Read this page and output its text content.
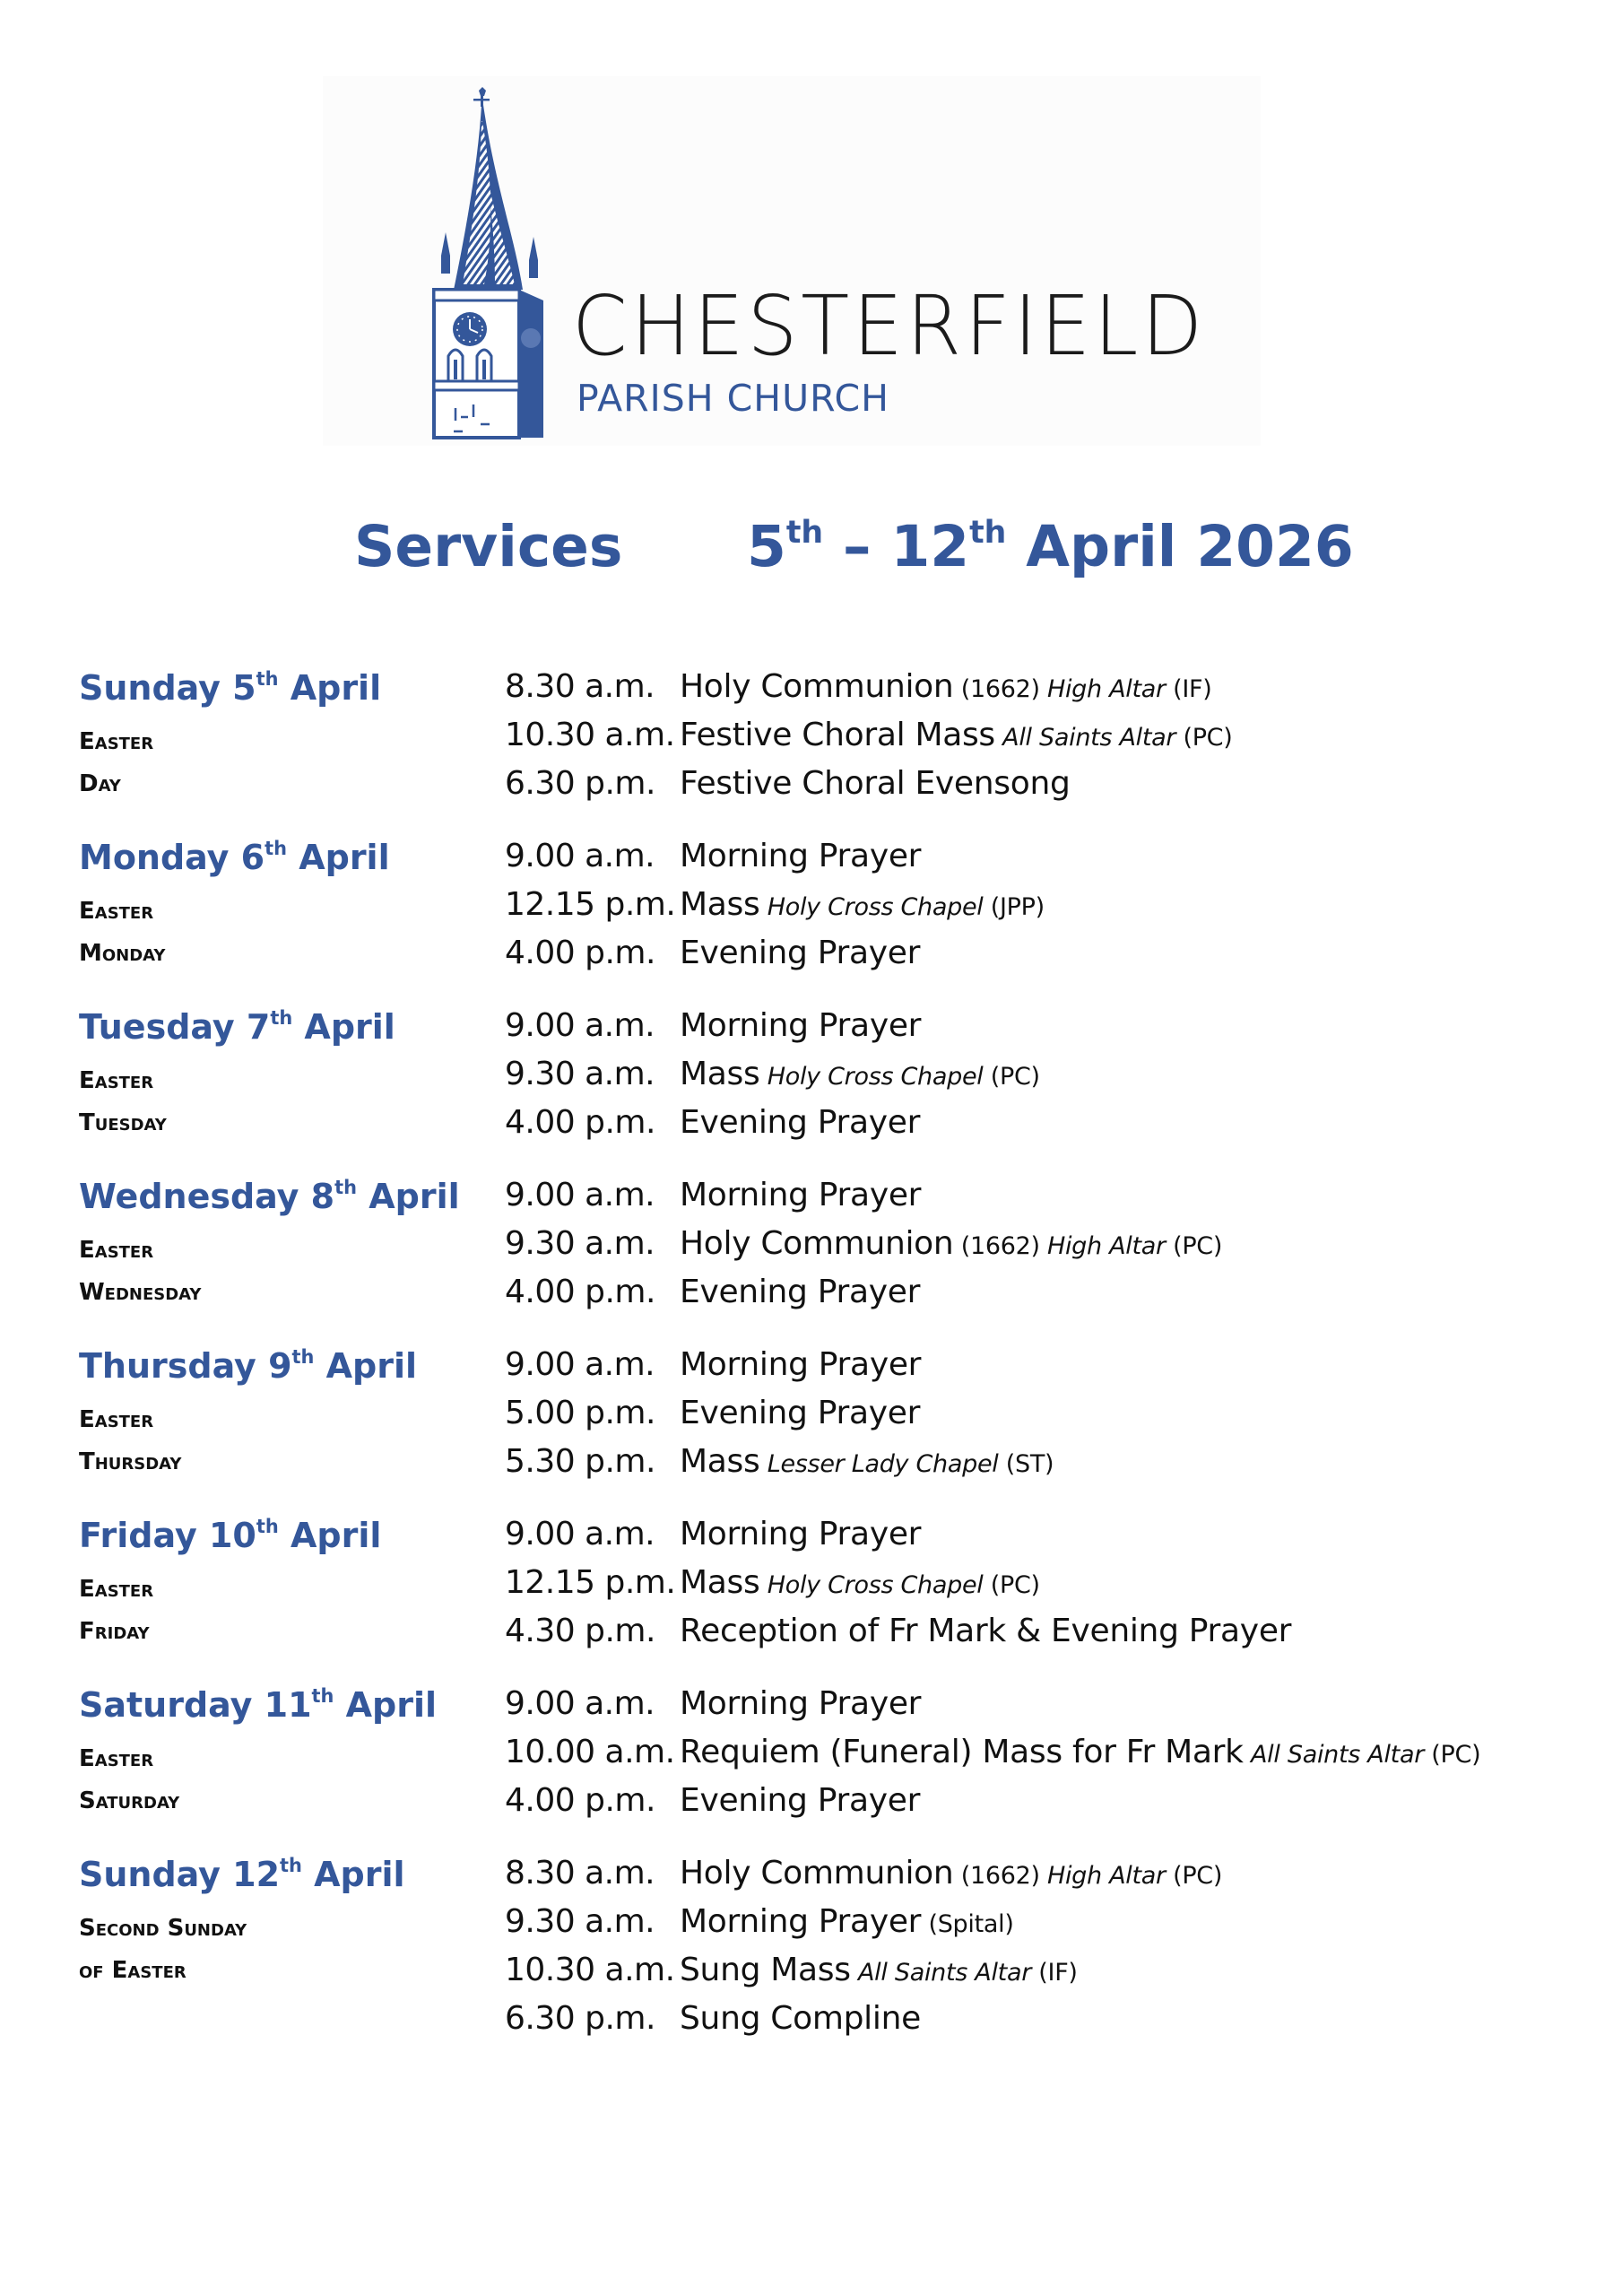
CHESTERFIELD
PARISH CHURCH
Services 5th – 12th April 2026
Sunday 5th April
Easter
Day
8.30 a.m. Holy Communion (1662) High Altar (IF)
10.30 a.m. Festive Choral Mass All Saints Altar (PC)
6.30 p.m. Festive Choral Evensong
Monday 6th April
Easter
Monday
9.00 a.m. Morning Prayer
12.15 p.m. Mass Holy Cross Chapel (JPP)
4.00 p.m. Evening Prayer
Tuesday 7th April
Easter
Tuesday
9.00 a.m. Morning Prayer
9.30 a.m. Mass Holy Cross Chapel (PC)
4.00 p.m. Evening Prayer
Wednesday 8th April
Easter
Wednesday
9.00 a.m. Morning Prayer
9.30 a.m. Holy Communion (1662) High Altar (PC)
4.00 p.m. Evening Prayer
Thursday 9th April
Easter
Thursday
9.00 a.m. Morning Prayer
5.00 p.m. Evening Prayer
5.30 p.m. Mass Lesser Lady Chapel (ST)
Friday 10th April
Easter
Friday
9.00 a.m. Morning Prayer
12.15 p.m. Mass Holy Cross Chapel (PC)
4.30 p.m. Reception of Fr Mark & Evening Prayer
Saturday 11th April
Easter
Saturday
9.00 a.m. Morning Prayer
10.00 a.m. Requiem (Funeral) Mass for Fr Mark All Saints Altar (PC)
4.00 p.m. Evening Prayer
Sunday 12th April
Second Sunday
of Easter
8.30 a.m. Holy Communion (1662) High Altar (PC)
9.30 a.m. Morning Prayer (Spital)
10.30 a.m. Sung Mass All Saints Altar (IF)
6.30 p.m. Sung Compline
